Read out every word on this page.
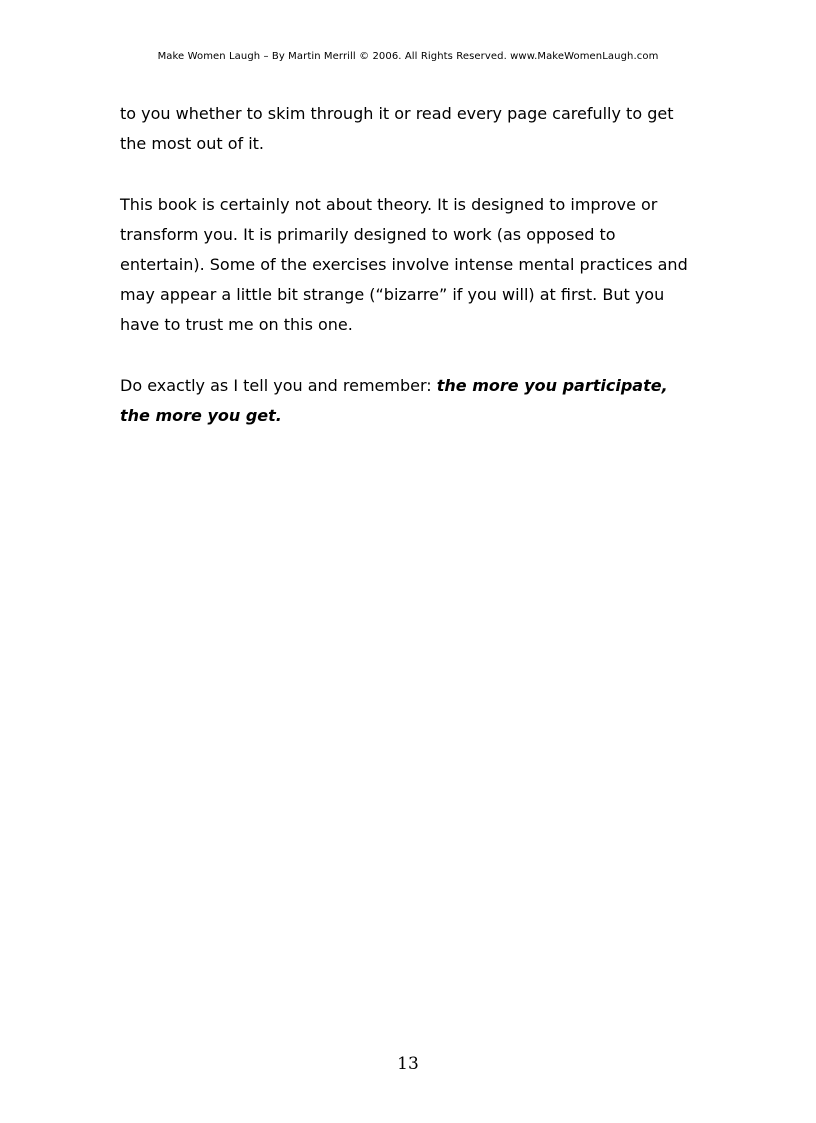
Make Women Laugh – By Martin Merrill © 2006. All Rights Reserved. www.MakeWomenLaugh.com

to you whether to skim through it or read every page carefully to get the most out of it.

This book is certainly not about theory. It is designed to improve or transform you. It is primarily designed to work (as opposed to entertain). Some of the exercises involve intense mental practices and may appear a little bit strange (“bizarre” if you will) at first. But you have to trust me on this one.

Do exactly as I tell you and remember: the more you participate, the more you get.

13
